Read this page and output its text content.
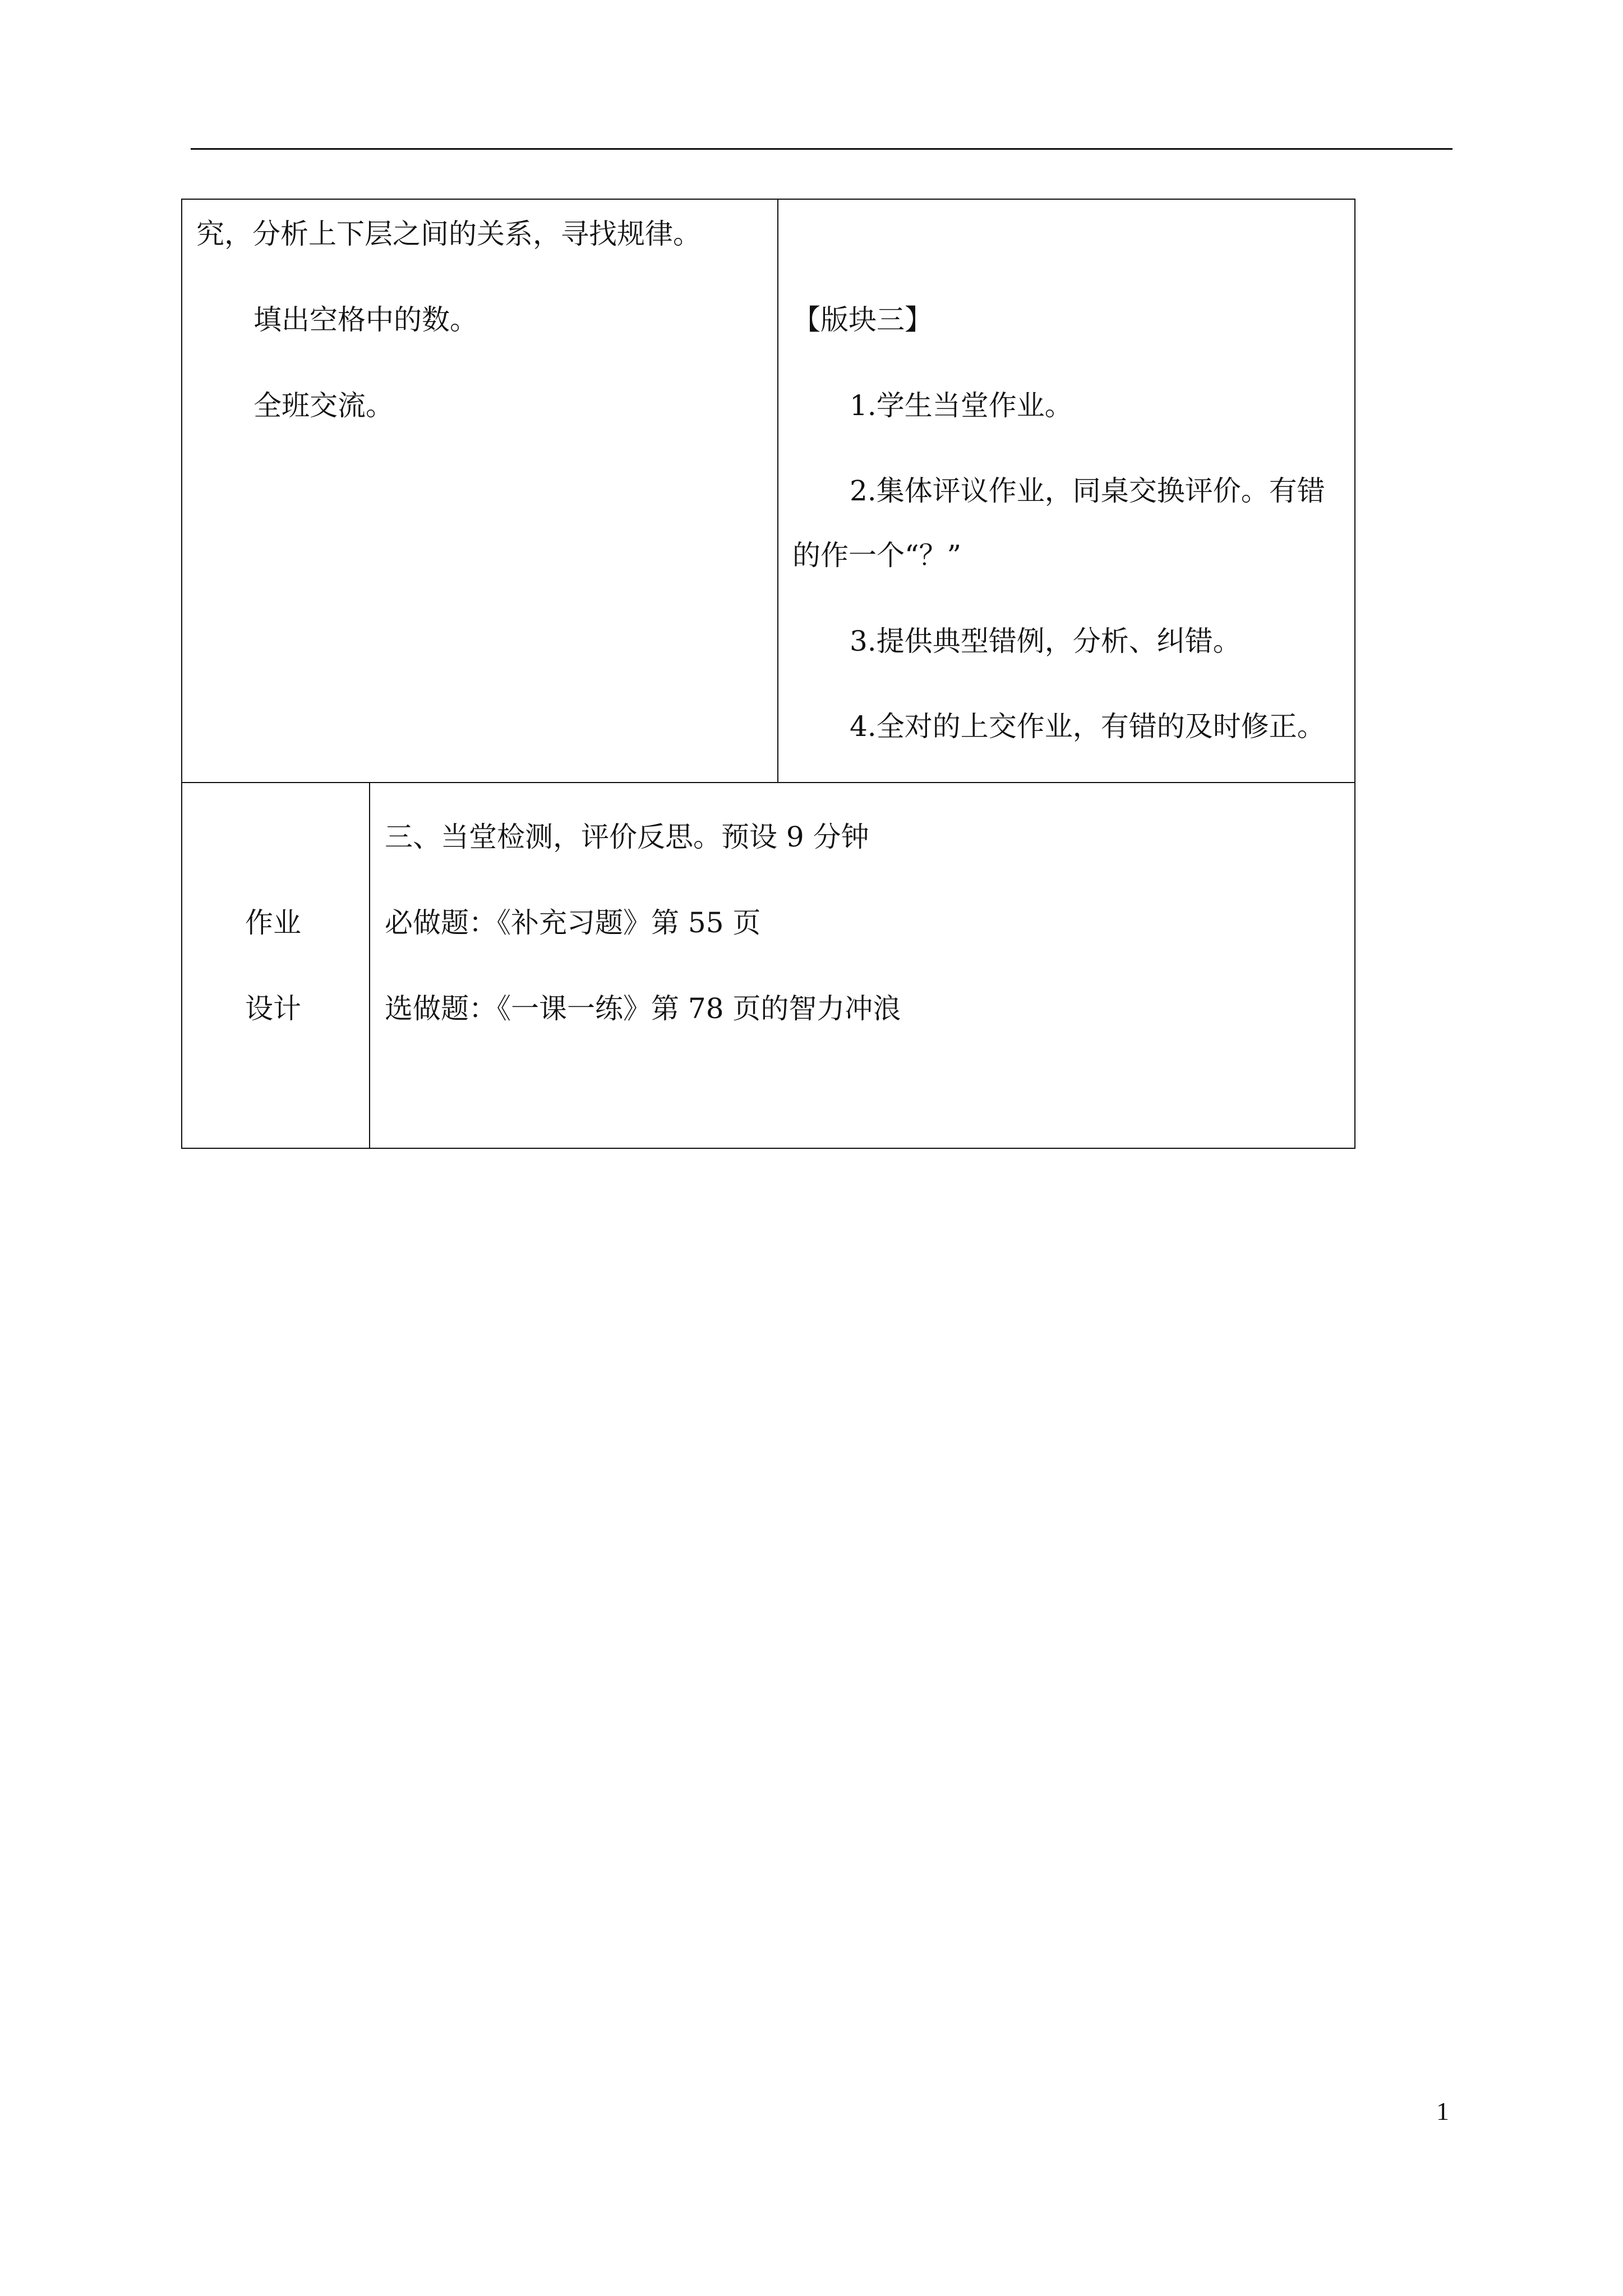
究，分析上下层之间的关系，寻找规律。
填出空格中的数。
全班交流。
【版块三】
1.学生当堂作业。
2.集体评议作业，同桌交换评价。有错
的作一个“？”
3.提供典型错例，分析、纠错。
4.全对的上交作业，有错的及时修正。
作业
设计
三、当堂检测，评价反思。预设 9 分钟
必做题：《补充习题》第 55 页
选做题：《一课一练》第 78 页的智力冲浪
1
